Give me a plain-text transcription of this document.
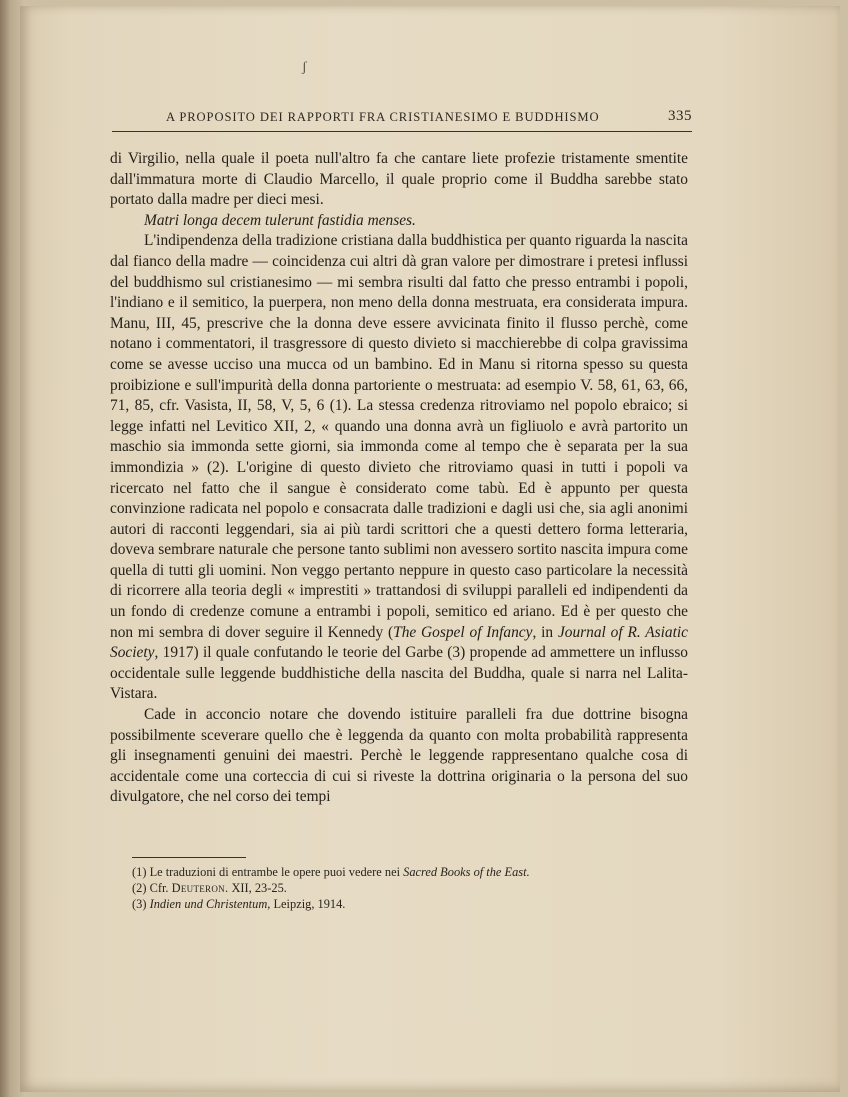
ʃ
A PROPOSITO DEI RAPPORTI FRA CRISTIANESIMO E BUDDHISMO	335

di Virgilio, nella quale il poeta null'altro fa che cantare liete profezie tristamente smentite dall'immatura morte di Claudio Marcello, il quale proprio come il Buddha sarebbe stato portato dalla madre per dieci mesi.

Matri longa decem tulerunt fastidia menses.

L'indipendenza della tradizione cristiana dalla buddhistica per quanto riguarda la nascita dal fianco della madre — coincidenza cui altri dà gran valore per dimostrare i pretesi influssi del buddhismo sul cristianesimo — mi sembra risulti dal fatto che presso entrambi i popoli, l'indiano e il semitico, la puerpera, non meno della donna mestruata, era considerata impura. Manu, III, 45, prescrive che la donna deve essere avvicinata finito il flusso perchè, come notano i commentatori, il trasgressore di questo divieto si macchierebbe di colpa gravissima come se avesse ucciso una mucca od un bambino. Ed in Manu si ritorna spesso su questa proibizione e sull'impurità della donna partoriente o mestruata: ad esempio V. 58, 61, 63, 66, 71, 85, cfr. Vasista, II, 58, V, 5, 6 (1). La stessa credenza ritroviamo nel popolo ebraico; si legge infatti nel Levitico XII, 2, « quando una donna avrà un figliuolo e avrà partorito un maschio sia immonda sette giorni, sia immonda come al tempo che è separata per la sua immondizia » (2). L'origine di questo divieto che ritroviamo quasi in tutti i popoli va ricercato nel fatto che il sangue è considerato come tabù. Ed è appunto per questa convinzione radicata nel popolo e consacrata dalle tradizioni e dagli usi che, sia agli anonimi autori di racconti leggendari, sia ai più tardi scrittori che a questi dettero forma letteraria, doveva sembrare naturale che persone tanto sublimi non avessero sortito nascita impura come quella di tutti gli uomini. Non veggo pertanto neppure in questo caso particolare la necessità di ricorrere alla teoria degli « imprestiti » trattandosi di sviluppi paralleli ed indipendenti da un fondo di credenze comune a entrambi i popoli, semitico ed ariano. Ed è per questo che non mi sembra di dover seguire il Kennedy (The Gospel of Infancy, in Journal of R. Asiatic Society, 1917) il quale confutando le teorie del Garbe (3) propende ad ammettere un influsso occidentale sulle leggende buddhistiche della nascita del Buddha, quale si narra nel Lalita-Vistara.

Cade in acconcio notare che dovendo istituire paralleli fra due dottrine bisogna possibilmente sceverare quello che è leggenda da quanto con molta probabilità rappresenta gli insegnamenti genuini dei maestri. Perchè le leggende rappresentano qualche cosa di accidentale come una corteccia di cui si riveste la dottrina originaria o la persona del suo divulgatore, che nel corso dei tempi

(1) Le traduzioni di entrambe le opere puoi vedere nei Sacred Books of the East.
(2) Cfr. Deuteron. XII, 23-25.
(3) Indien und Christentum, Leipzig, 1914.
